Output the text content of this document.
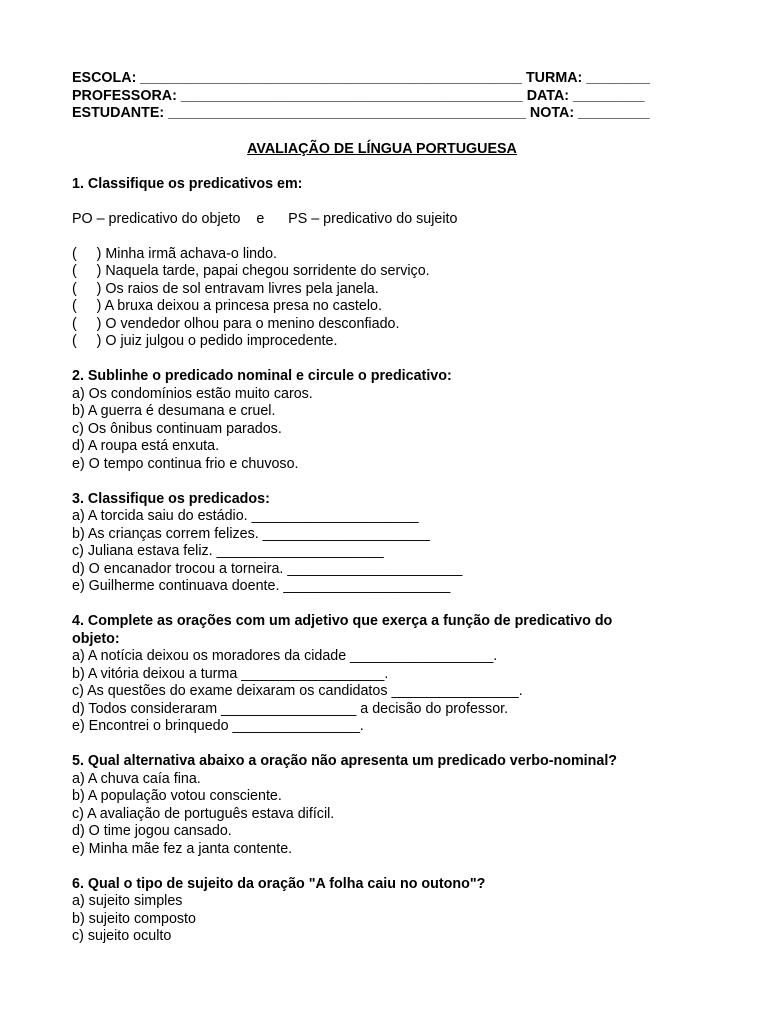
ESCOLA: ________________________________________________ TURMA: ________
PROFESSORA: ___________________________________________ DATA: _________
ESTUDANTE: _____________________________________________ NOTA: _________
AVALIAÇÃO DE LÍNGUA PORTUGUESA
1. Classifique os predicativos em:
PO – predicativo do objeto    e      PS – predicativo do sujeito
(     ) Minha irmã achava-o lindo.
(     ) Naquela tarde, papai chegou sorridente do serviço.
(     ) Os raios de sol entravam livres pela janela.
(     ) A bruxa deixou a princesa presa no castelo.
(     ) O vendedor olhou para o menino desconfiado.
(     ) O juiz julgou o pedido improcedente.
2. Sublinhe o predicado nominal e circule o predicativo:
a) Os condomínios estão muito caros.
b) A guerra é desumana e cruel.
c) Os ônibus continuam parados.
d) A roupa está enxuta.
e) O tempo continua frio e chuvoso.
3. Classifique os predicados:
a) A torcida saiu do estádio. _____________________
b) As crianças correm felizes. _____________________
c) Juliana estava feliz. _____________________
d) O encanador trocou a torneira. ______________________
e) Guilherme continuava doente. _____________________
4. Complete as orações com um adjetivo que exerça a função de predicativo do
objeto:
a) A notícia deixou os moradores da cidade __________________.
b) A vitória deixou a turma __________________.
c) As questões do exame deixaram os candidatos ________________.
d) Todos consideraram _________________ a decisão do professor.
e) Encontrei o brinquedo ________________.
5. Qual alternativa abaixo a oração não apresenta um predicado verbo-nominal?
a) A chuva caía fina.
b) A população votou consciente.
c) A avaliação de português estava difícil.
d) O time jogou cansado.
e) Minha mãe fez a janta contente.
6. Qual o tipo de sujeito da oração "A folha caiu no outono"?
a) sujeito simples
b) sujeito composto
c) sujeito oculto
